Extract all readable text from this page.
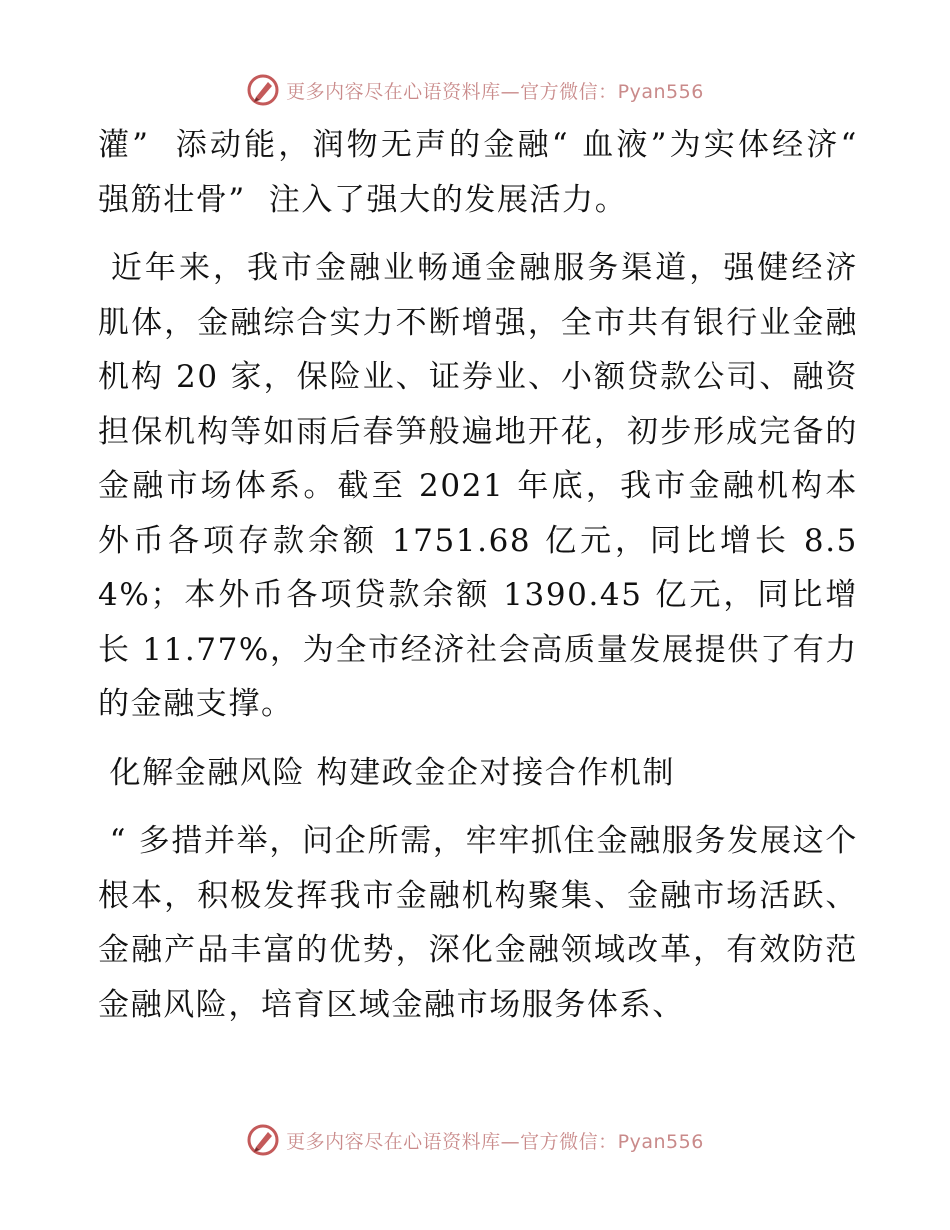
更多内容尽在心语资料库—官方微信：Pyan556

灌”  添动能，润物无声的金融“ 血液”为实体经济“ 强筋壮骨”  注入了强大的发展活力。

近年来，我市金融业畅通金融服务渠道，强健经济肌体，金融综合实力不断增强，全市共有银行业金融机构 20 家，保险业、证券业、小额贷款公司、融资担保机构等如雨后春笋般遍地开花，初步形成完备的金融市场体系。截至 2021 年底，我市金融机构本外币各项存款余额 1751.68 亿元，同比增长 8.54%；本外币各项贷款余额 1390.45 亿元，同比增长 11.77%，为全市经济社会高质量发展提供了有力的金融支撑。

化解金融风险 构建政金企对接合作机制

“ 多措并举，问企所需，牢牢抓住金融服务发展这个根本，积极发挥我市金融机构聚集、金融市场活跃、金融产品丰富的优势，深化金融领域改革，有效防范金融风险，培育区域金融市场服务体系、

更多内容尽在心语资料库—官方微信：Pyan556
